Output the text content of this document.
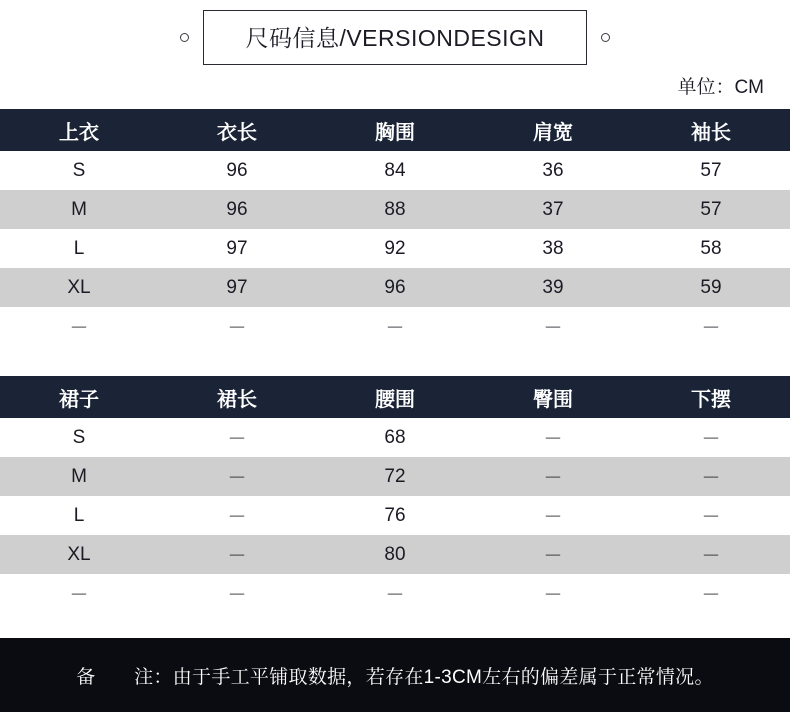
尺码信息/VERSIONDESIGN
单位：CM
上衣	衣长	胸围	肩宽	袖长
S	96	84	36	57
M	96	88	37	57
L	97	92	38	58
XL	97	96	39	59
－	－	－	－	－
裙子	裙长	腰围	臀围	下摆
S	－	68	－	－
M	－	72	－	－
L	－	76	－	－
XL	－	80	－	－
－	－	－	－	－
备　　注：由于手工平铺取数据，若存在1-3CM左右的偏差属于正常情况。
